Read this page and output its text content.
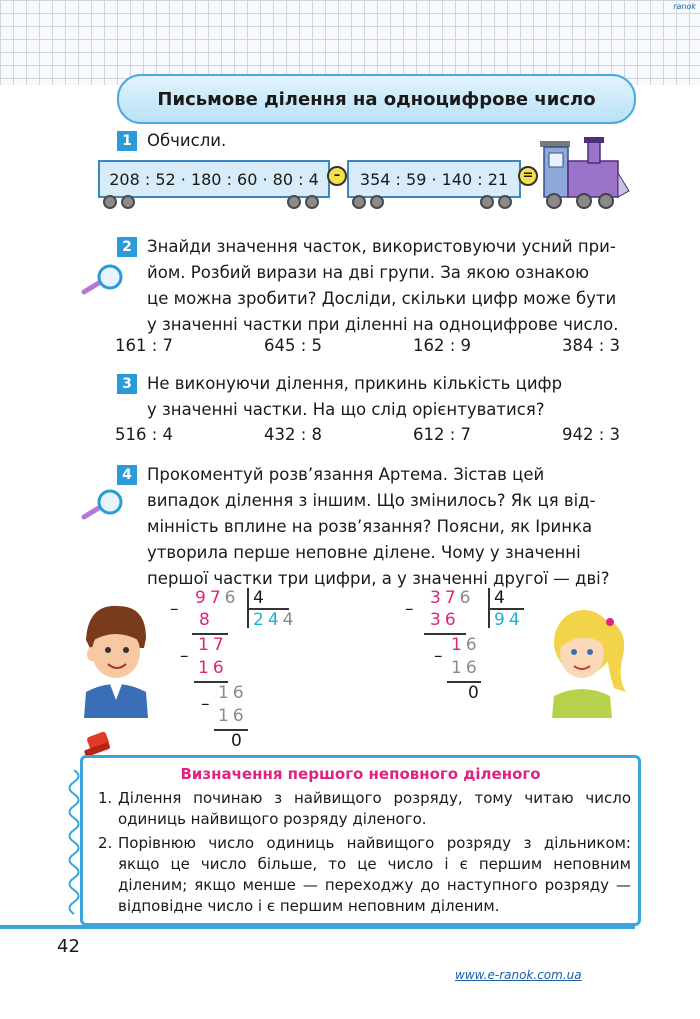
ranok
Письмове ділення на одноцифрове число
1 Обчисли.
208 : 52 · 180 : 60 · 80 : 4	–	354 : 59 · 140 : 21	=
2 Знайди значення часток, використовуючи усний при-
йом. Розбий вирази на дві групи. За якою ознакою
це можна зробити? Досліди, скільки цифр може бути
у значенні частки при діленні на одноцифрове число.
161 : 7	645 : 5	162 : 9	384 : 3
3 Не виконуючи ділення, прикинь кількість цифр
у значенні частки. На що слід орієнтуватися?
516 : 4	432 : 8	612 : 7	942 : 3
4 Прокоментуй розв’язання Артема. Зістав цей
випадок ділення з іншим. Що змінилось? Як ця від-
мінність вплине на розв’язання? Поясни, як Іринка
утворила перше неповне ділене. Чому у значенні
першої частки три цифри, а у значенні другої — дві?
–
976 4
8 244
–
17
16
–
16
16
0
–
376 4
36 94
–
16
16
0
Визначення першого неповного діленого
1. Ділення починаю з найвищого розряду, тому читаю число одиниць найвищого розряду діленого.
2. Порівнюю число одиниць найвищого розряду з дільником: якщо це число більше, то це число і є першим неповним діленим; якщо менше — переходжу до наступного розряду — відповідне число і є першим неповним діленим.
42
www.e-ranok.com.ua
